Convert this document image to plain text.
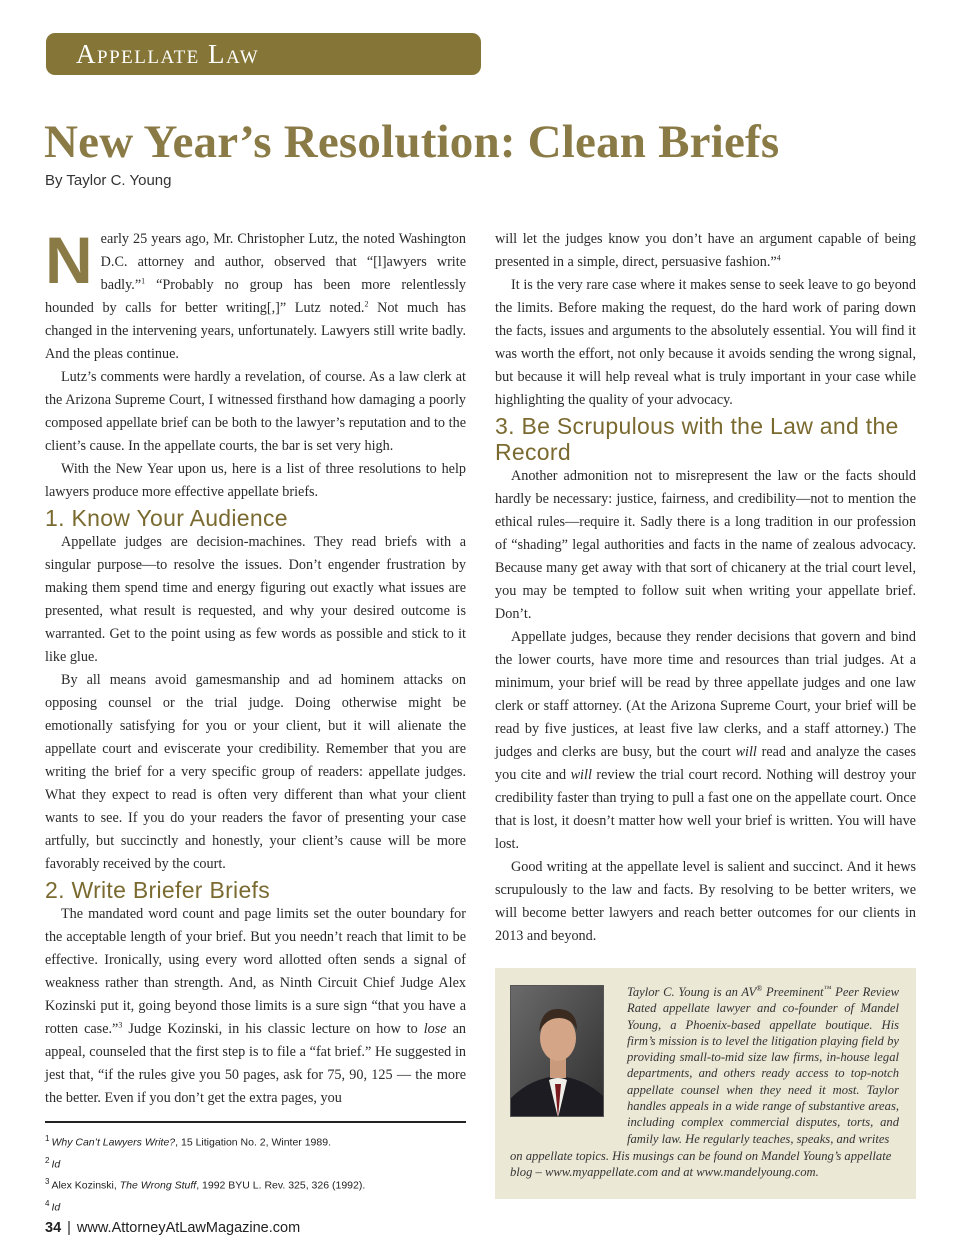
Appellate Law
New Year’s Resolution: Clean Briefs
By Taylor C. Young

Nearly 25 years ago, Mr. Christopher Lutz, the noted Washington D.C. attorney and author, observed that “[l]awyers write badly.”$^1$ “Probably no group has been more relentlessly hounded by calls for better writing[,]” Lutz noted.$^2$ Not much has changed in the intervening years, unfortunately. Lawyers still write badly. And the pleas continue.

Lutz’s comments were hardly a revelation, of course. As a law clerk at the Arizona Supreme Court, I witnessed firsthand how damaging a poorly composed appellate brief can be both to the lawyer’s reputation and to the client’s cause. In the appellate courts, the bar is set very high.

With the New Year upon us, here is a list of three resolutions to help lawyers produce more effective appellate briefs.

1. Know Your Audience

Appellate judges are decision-machines. They read briefs with a singular purpose—to resolve the issues. Don’t engender frustration by making them spend time and energy figuring out exactly what issues are presented, what result is requested, and why your desired outcome is warranted. Get to the point using as few words as possible and stick to it like glue.

By all means avoid gamesmanship and ad hominem attacks on opposing counsel or the trial judge. Doing otherwise might be emotionally satisfying for you or your client, but it will alienate the appellate court and eviscerate your credibility. Remember that you are writing the brief for a very specific group of readers: appellate judges. What they expect to read is often very different than what your client wants to see. If you do your readers the favor of presenting your case artfully, but succinctly and honestly, your client’s cause will be more favorably received by the court.

2. Write Briefer Briefs

The mandated word count and page limits set the outer boundary for the acceptable length of your brief. But you needn’t reach that limit to be effective. Ironically, using every word allotted often sends a signal of weakness rather than strength. And, as Ninth Circuit Chief Judge Alex Kozinski put it, going beyond those limits is a sure sign “that you have a rotten case.”$^3$ Judge Kozinski, in his classic lecture on how to lose an appeal, counseled that the first step is to file a “fat brief.” He suggested in jest that, “if the rules give you 50 pages, ask for 75, 90, 125 — the more the better. Even if you don’t get the extra pages, you

will let the judges know you don’t have an argument capable of being presented in a simple, direct, persuasive fashion.”$^4$

It is the very rare case where it makes sense to seek leave to go beyond the limits. Before making the request, do the hard work of paring down the facts, issues and arguments to the absolutely essential. You will find it was worth the effort, not only because it avoids sending the wrong signal, but because it will help reveal what is truly important in your case while highlighting the quality of your advocacy.

3. Be Scrupulous with the Law and the Record

Another admonition not to misrepresent the law or the facts should hardly be necessary: justice, fairness, and credibility—not to mention the ethical rules—require it. Sadly there is a long tradition in our profession of “shading” legal authorities and facts in the name of zealous advocacy. Because many get away with that sort of chicanery at the trial court level, you may be tempted to follow suit when writing your appellate brief. Don’t.

Appellate judges, because they render decisions that govern and bind the lower courts, have more time and resources than trial judges. At a minimum, your brief will be read by three appellate judges and one law clerk or staff attorney. (At the Arizona Supreme Court, your brief will be read by five justices, at least five law clerks, and a staff attorney.) The judges and clerks are busy, but the court will read and analyze the cases you cite and will review the trial court record. Nothing will destroy your credibility faster than trying to pull a fast one on the appellate court. Once that is lost, it doesn’t matter how well your brief is written. You will have lost.

Good writing at the appellate level is salient and succinct. And it hews scrupulously to the law and facts. By resolving to be better writers, we will become better lawyers and reach better outcomes for our clients in 2013 and beyond.

$^1$ Why Can’t Lawyers Write?, 15 Litigation No. 2, Winter 1989.
$^2$ Id
$^3$ Alex Kozinski, The Wrong Stuff, 1992 BYU L. Rev. 325, 326 (1992).
$^4$ Id
Taylor C. Young is an AV® Preeminent™ Peer Review Rated appellate lawyer and co-founder of Mandel Young, a Phoenix-based appellate boutique. His firm’s mission is to level the litigation playing field by providing small-to-mid size law firms, in-house legal departments, and others ready access to top-notch appellate counsel when they need it most. Taylor handles appeals in a wide range of substantive areas, including complex commercial disputes, torts, and family law. He regularly teaches, speaks, and writes
on appellate topics. His musings can be found on Mandel Young’s appellate blog – www.myappellate.com and at www.mandelyoung.com.
34 | www.AttorneyAtLawMagazine.com
